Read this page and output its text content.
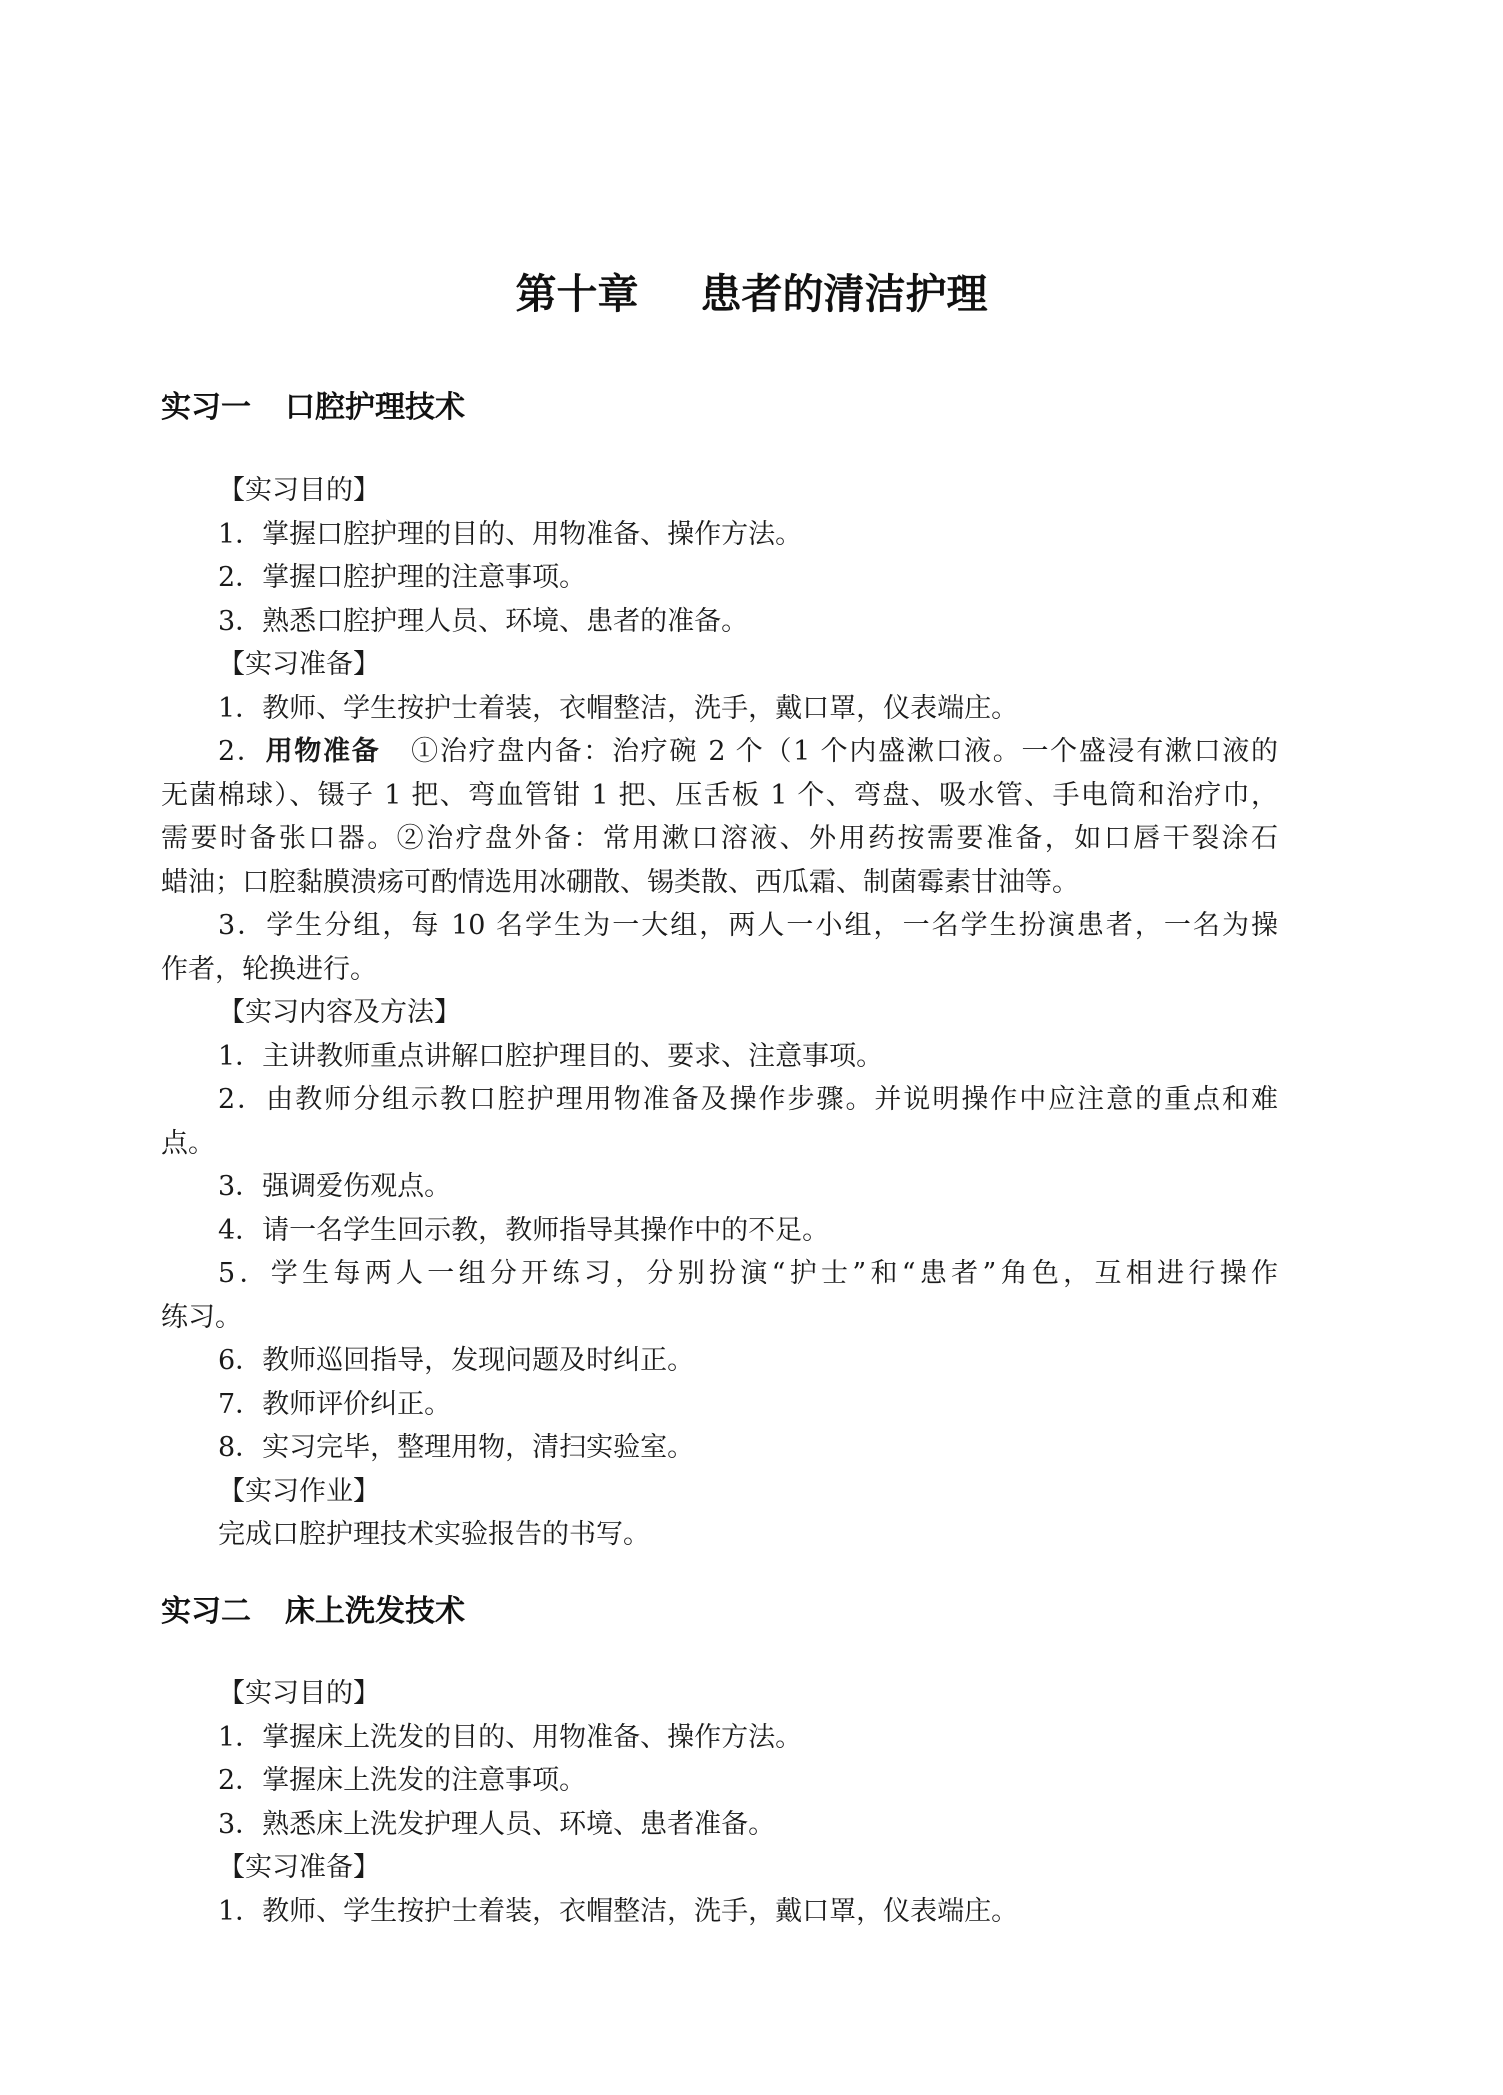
第十章 患者的清洁护理
实习一 口腔护理技术

【实习目的】

1．掌握口腔护理的目的、用物准备、操作方法。

2．掌握口腔护理的注意事项。

3．熟悉口腔护理人员、环境、患者的准备。

【实习准备】

1．教师、学生按护士着装，衣帽整洁，洗手，戴口罩，仪表端庄。

2．用物准备 ①治疗盘内备：治疗碗 2 个（1 个内盛漱口液。一个盛浸有漱口液的

无菌棉球）、镊子 1 把、弯血管钳 1 把、压舌板 1 个、弯盘、吸水管、手电筒和治疗巾，

需要时备张口器。②治疗盘外备：常用漱口溶液、外用药按需要准备，如口唇干裂涂石

蜡油；口腔黏膜溃疡可酌情选用冰硼散、锡类散、西瓜霜、制菌霉素甘油等。

3．学生分组，每 10 名学生为一大组，两人一小组，一名学生扮演患者，一名为操

作者，轮换进行。

【实习内容及方法】

1．主讲教师重点讲解口腔护理目的、要求、注意事项。

2．由教师分组示教口腔护理用物准备及操作步骤。并说明操作中应注意的重点和难

点。

3．强调爱伤观点。

4．请一名学生回示教，教师指导其操作中的不足。

5．学生每两人一组分开练习，分别扮演“护士”和“患者”角色，互相进行操作

练习。

6．教师巡回指导，发现问题及时纠正。

7．教师评价纠正。

8．实习完毕，整理用物，清扫实验室。

【实习作业】

完成口腔护理技术实验报告的书写。

实习二 床上洗发技术

【实习目的】

1．掌握床上洗发的目的、用物准备、操作方法。

2．掌握床上洗发的注意事项。

3．熟悉床上洗发护理人员、环境、患者准备。

【实习准备】

1．教师、学生按护士着装，衣帽整洁，洗手，戴口罩，仪表端庄。
